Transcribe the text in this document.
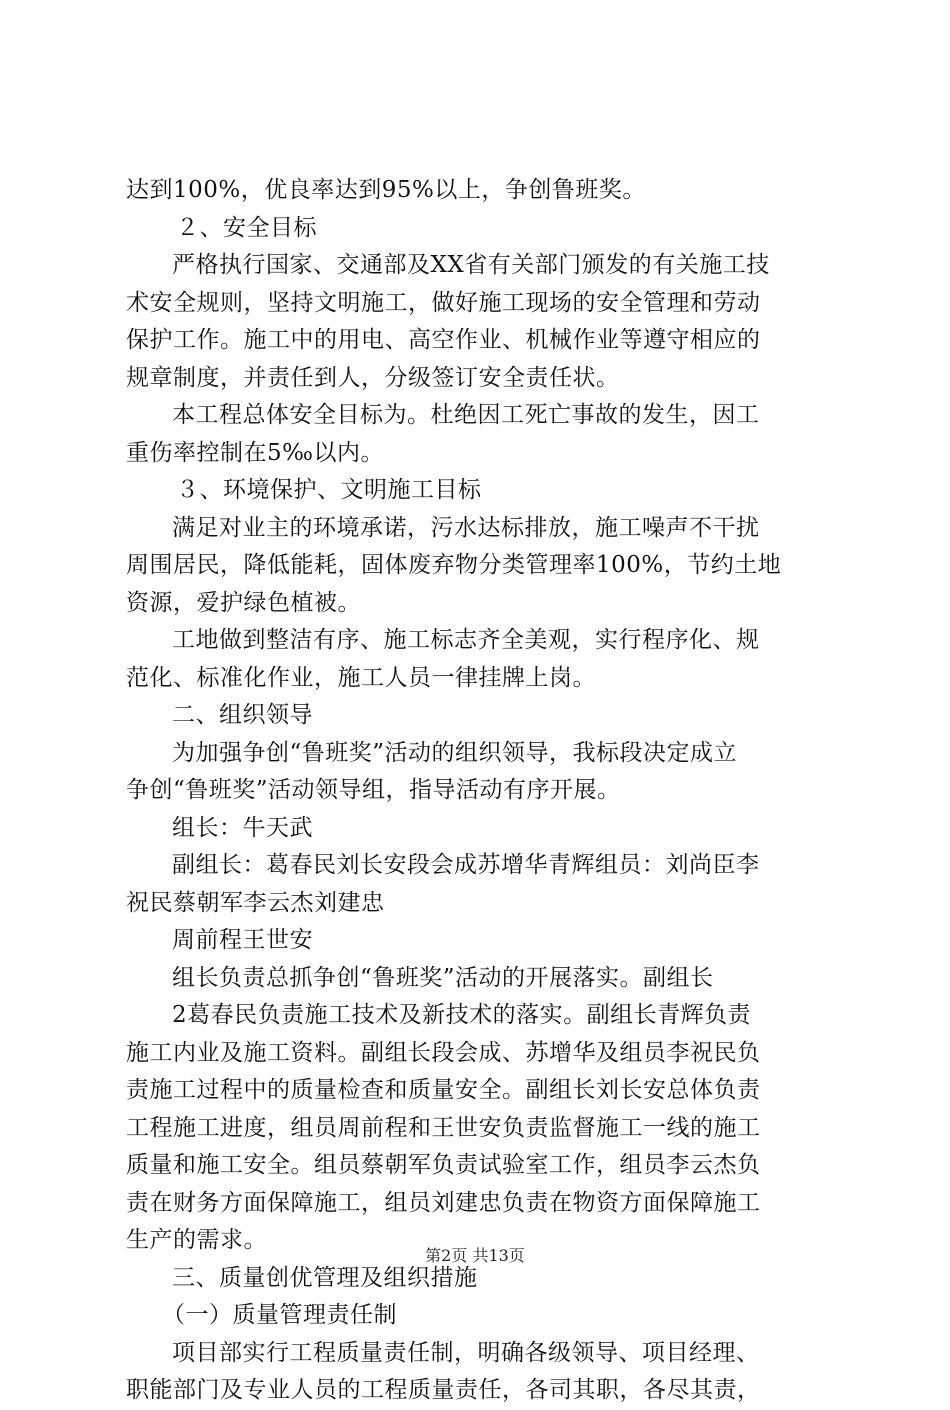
达到100%，优良率达到95%以上，争创鲁班奖。
２、安全目标
严格执行国家、交通部及XX省有关部门颁发的有关施工技
术安全规则，坚持文明施工，做好施工现场的安全管理和劳动
保护工作。施工中的用电、高空作业、机械作业等遵守相应的
规章制度，并责任到人，分级签订安全责任状。
本工程总体安全目标为。杜绝因工死亡事故的发生，因工
重伤率控制在5‰以内。
３、环境保护、文明施工目标
满足对业主的环境承诺，污水达标排放，施工噪声不干扰
周围居民，降低能耗，固体废弃物分类管理率100%，节约土地
资源，爱护绿色植被。
工地做到整洁有序、施工标志齐全美观，实行程序化、规
范化、标准化作业，施工人员一律挂牌上岗。
二、组织领导
为加强争创“鲁班奖”活动的组织领导，我标段决定成立
争创“鲁班奖”活动领导组，指导活动有序开展。
组长：牛天武
副组长：葛春民刘长安段会成苏增华青辉组员：刘尚臣李
祝民蔡朝军李云杰刘建忠
周前程王世安
组长负责总抓争创“鲁班奖”活动的开展落实。副组长
2葛春民负责施工技术及新技术的落实。副组长青辉负责
施工内业及施工资料。副组长段会成、苏增华及组员李祝民负
责施工过程中的质量检查和质量安全。副组长刘长安总体负责
工程施工进度，组员周前程和王世安负责监督施工一线的施工
质量和施工安全。组员蔡朝军负责试验室工作，组员李云杰负
责在财务方面保障施工，组员刘建忠负责在物资方面保障施工
生产的需求。
三、质量创优管理及组织措施
（一）质量管理责任制
项目部实行工程质量责任制，明确各级领导、项目经理、
职能部门及专业人员的工程质量责任，各司其职，各尽其责，
第2页 共13页
